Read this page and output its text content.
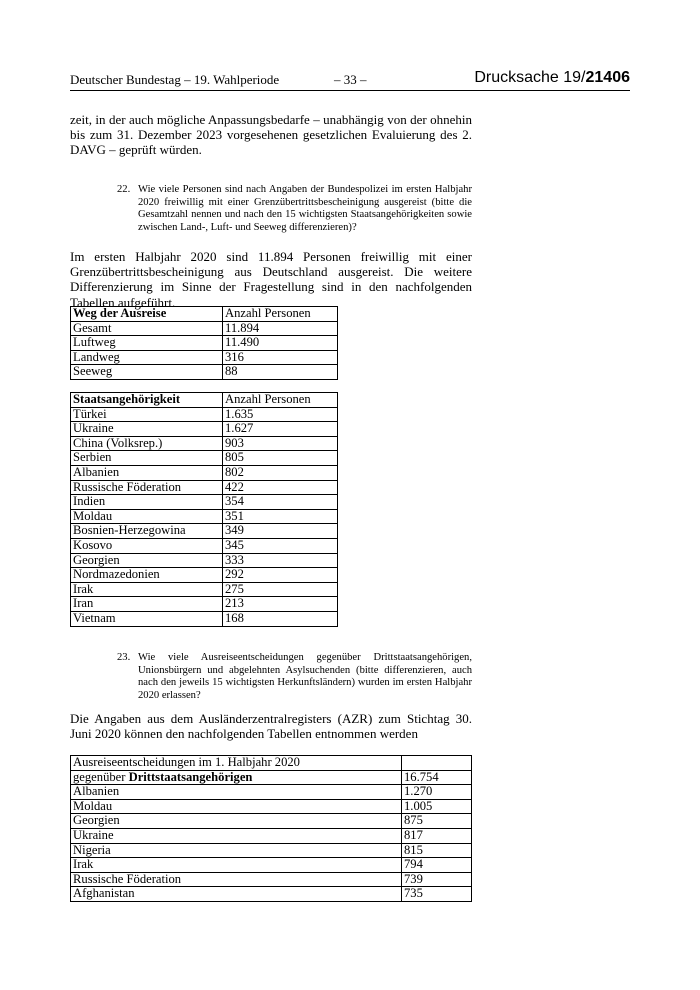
Deutscher Bundestag – 19. Wahlperiode	– 33 –	Drucksache 19/21406

zeit, in der auch mögliche Anpassungsbedarfe – unabhängig von der ohnehin bis zum 31. Dezember 2023 vorgesehenen gesetzlichen Evaluierung des 2. DAVG – geprüft würden.

22. Wie viele Personen sind nach Angaben der Bundespolizei im ersten Halbjahr 2020 freiwillig mit einer Grenzübertrittsbescheinigung ausgereist (bitte die Gesamtzahl nennen und nach den 15 wichtigsten Staatsangehörigkeiten sowie zwischen Land-, Luft- und Seeweg differenzieren)?

Im ersten Halbjahr 2020 sind 11.894 Personen freiwillig mit einer Grenzübertrittsbescheinigung aus Deutschland ausgereist. Die weitere Differenzierung im Sinne der Fragestellung sind in den nachfolgenden Tabellen aufgeführt.

Weg der Ausreise	Anzahl Personen
Gesamt	11.894
Luftweg	11.490
Landweg	316
Seeweg	88
Staatsangehörigkeit	Anzahl Personen
Türkei	1.635
Ukraine	1.627
China (Volksrep.)	903
Serbien	805
Albanien	802
Russische Föderation	422
Indien	354
Moldau	351
Bosnien-Herzegowina	349
Kosovo	345
Georgien	333
Nordmazedonien	292
Irak	275
Iran	213
Vietnam	168
23. Wie viele Ausreiseentscheidungen gegenüber Drittstaatsangehörigen, Unionsbürgern und abgelehnten Asylsuchenden (bitte differenzieren, auch nach den jeweils 15 wichtigsten Herkunftsländern) wurden im ersten Halbjahr 2020 erlassen?

Die Angaben aus dem Ausländerzentralregisters (AZR) zum Stichtag 30. Juni 2020 können den nachfolgenden Tabellen entnommen werden

Ausreiseentscheidungen im 1. Halbjahr 2020	
gegenüber Drittstaatsangehörigen	16.754
Albanien	1.270
Moldau	1.005
Georgien	875
Ukraine	817
Nigeria	815
Irak	794
Russische Föderation	739
Afghanistan	735
